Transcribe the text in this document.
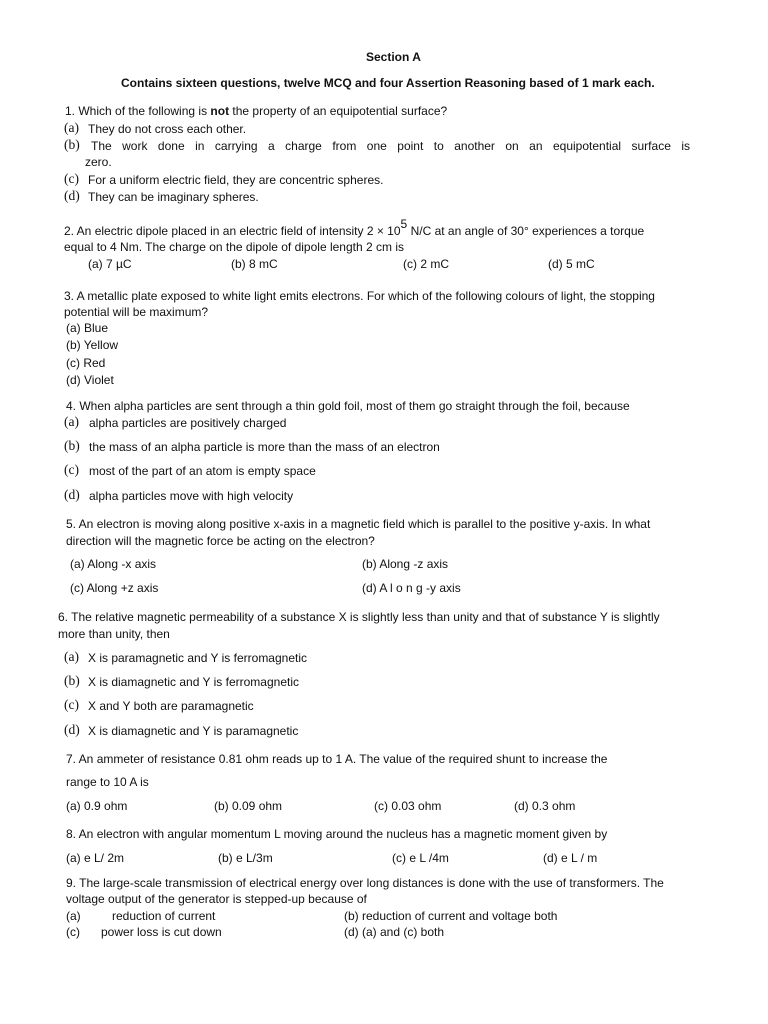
Section A
Contains sixteen questions, twelve MCQ and four Assertion Reasoning based of 1 mark each.
1. Which of the following is not the property of an equipotential surface?
(a) They do not cross each other.
(b) The work done in carrying a charge from one point to another on an equipotential surface is
zero.
(c) For a uniform electric field, they are concentric spheres.
(d) They can be imaginary spheres.
2. An electric dipole placed in an electric field of intensity 2 × 105 N/C at an angle of 30° experiences a torque
equal to 4 Nm. The charge on the dipole of dipole length 2 cm is
(a) 7 µC	(b) 8 mC	(c) 2 mC	(d) 5 mC
3. A metallic plate exposed to white light emits electrons. For which of the following colours of light, the stopping
potential will be maximum?
(a) Blue
(b) Yellow
(c) Red
(d) Violet
4. When alpha particles are sent through a thin gold foil, most of them go straight through the foil, because
(a) alpha particles are positively charged
(b) the mass of an alpha particle is more than the mass of an electron
(c) most of the part of an atom is empty space
(d) alpha particles move with high velocity
5. An electron is moving along positive x-axis in a magnetic field which is parallel to the positive y-axis. In what
direction will the magnetic force be acting on the electron?
(a) Along -x axis	(b) Along -z axis
(c) Along +z axis	(d) A l o n g -y axis
6. The relative magnetic permeability of a substance X is slightly less than unity and that of substance Y is slightly
more than unity, then
(a) X is paramagnetic and Y is ferromagnetic
(b) X is diamagnetic and Y is ferromagnetic
(c) X and Y both are paramagnetic
(d) X is diamagnetic and Y is paramagnetic
7. An ammeter of resistance 0.81 ohm reads up to 1 A. The value of the required shunt to increase the
range to 10 A is
(a) 0.9 ohm	(b) 0.09 ohm	(c) 0.03 ohm	(d) 0.3 ohm
8. An electron with angular momentum L moving around the nucleus has a magnetic moment given by
(a) e L/ 2m	(b) e L/3m	(c) e L /4m	(d) e L / m
9. The large-scale transmission of electrical energy over long distances is done with the use of transformers. The
voltage output of the generator is stepped-up because of
(a)	reduction of current	(b) reduction of current and voltage both
(c) power loss is cut down	(d) (a) and (c) both
